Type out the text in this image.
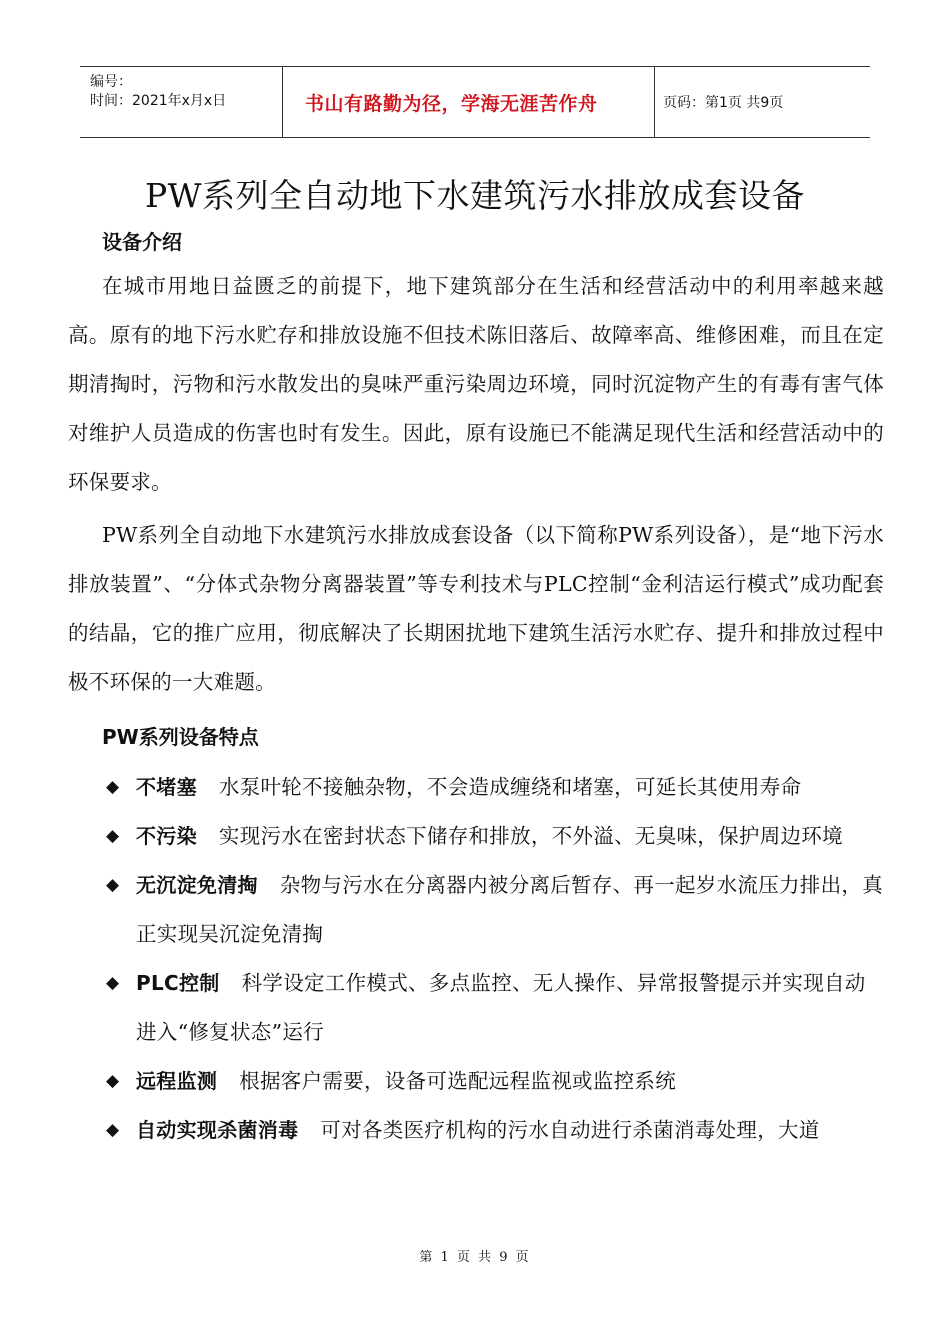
编号：
时间：2021年x月x日	书山有路勤为径，学海无涯苦作舟	页码：第1页 共9页
PW系列全自动地下水建筑污水排放成套设备
设备介绍

在城市用地日益匮乏的前提下，地下建筑部分在生活和经营活动中的利用率越来越高。原有的地下污水贮存和排放设施不但技术陈旧落后、故障率高、维修困难，而且在定期清掏时，污物和污水散发出的臭味严重污染周边环境，同时沉淀物产生的有毒有害气体对维护人员造成的伤害也时有发生。因此，原有设施已不能满足现代生活和经营活动中的环保要求。

PW系列全自动地下水建筑污水排放成套设备（以下简称PW系列设备），是“地下污水排放装置”、“分体式杂物分离器装置”等专利技术与PLC控制“金利洁运行模式”成功配套的结晶，它的推广应用，彻底解决了长期困扰地下建筑生活污水贮存、提升和排放过程中极不环保的一大难题。

PW系列设备特点
◆ 不堵塞 水泵叶轮不接触杂物，不会造成缠绕和堵塞，可延长其使用寿命
◆ 不污染 实现污水在密封状态下储存和排放，不外溢、无臭味，保护周边环境
◆ 无沉淀免清掏 杂物与污水在分离器内被分离后暂存、再一起岁水流压力排出，真正实现吴沉淀免清掏
◆ PLC控制 科学设定工作模式、多点监控、无人操作、异常报警提示并实现自动进入“修复状态”运行
◆ 远程监测 根据客户需要，设备可选配远程监视或监控系统
◆ 自动实现杀菌消毒 可对各类医疗机构的污水自动进行杀菌消毒处理，大道
第 1 页 共 9 页
